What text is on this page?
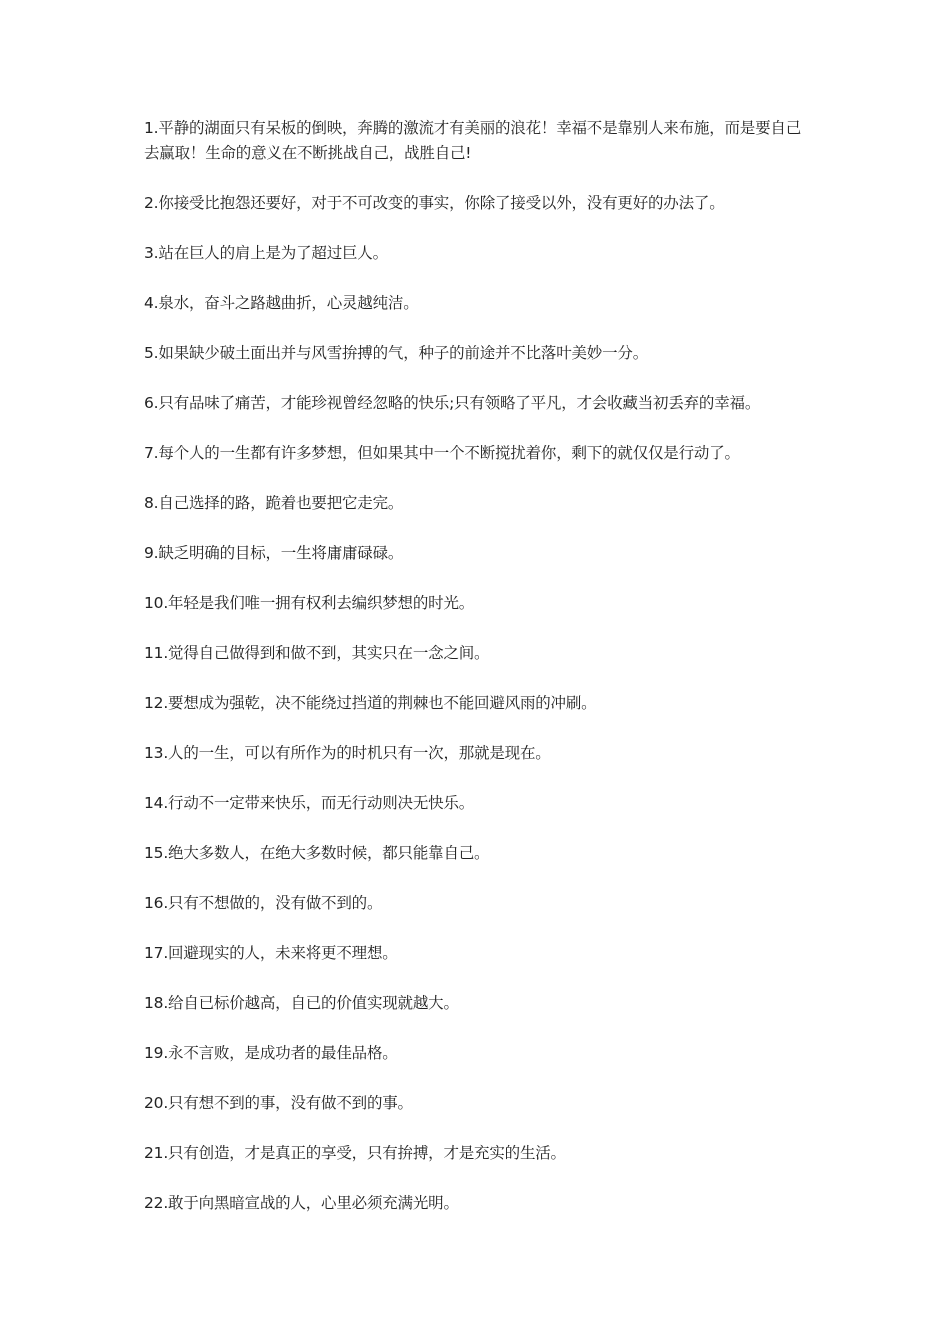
1.平静的湖面只有呆板的倒映，奔腾的激流才有美丽的浪花！幸福不是靠别人来布施，而是要自己去赢取！生命的意义在不断挑战自己，战胜自己!

2.你接受比抱怨还要好，对于不可改变的事实，你除了接受以外，没有更好的办法了。

3.站在巨人的肩上是为了超过巨人。

4.泉水，奋斗之路越曲折，心灵越纯洁。

5.如果缺少破土面出并与风雪拚搏的气，种子的前途并不比落叶美妙一分。

6.只有品味了痛苦，才能珍视曾经忽略的快乐;只有领略了平凡，才会收藏当初丢弃的幸福。

7.每个人的一生都有许多梦想，但如果其中一个不断搅扰着你，剩下的就仅仅是行动了。

8.自己选择的路，跪着也要把它走完。

9.缺乏明确的目标，一生将庸庸碌碌。

10.年轻是我们唯一拥有权利去编织梦想的时光。

11.觉得自己做得到和做不到，其实只在一念之间。

12.要想成为强乾，决不能绕过挡道的荆棘也不能回避风雨的冲刷。

13.人的一生，可以有所作为的时机只有一次，那就是现在。

14.行动不一定带来快乐，而无行动则决无快乐。

15.绝大多数人，在绝大多数时候，都只能靠自己。

16.只有不想做的，没有做不到的。

17.回避现实的人，未来将更不理想。

18.给自已标价越高，自已的价值实现就越大。

19.永不言败，是成功者的最佳品格。

20.只有想不到的事，没有做不到的事。

21.只有创造，才是真正的享受，只有拚搏，才是充实的生活。

22.敢于向黑暗宣战的人，心里必须充满光明。
